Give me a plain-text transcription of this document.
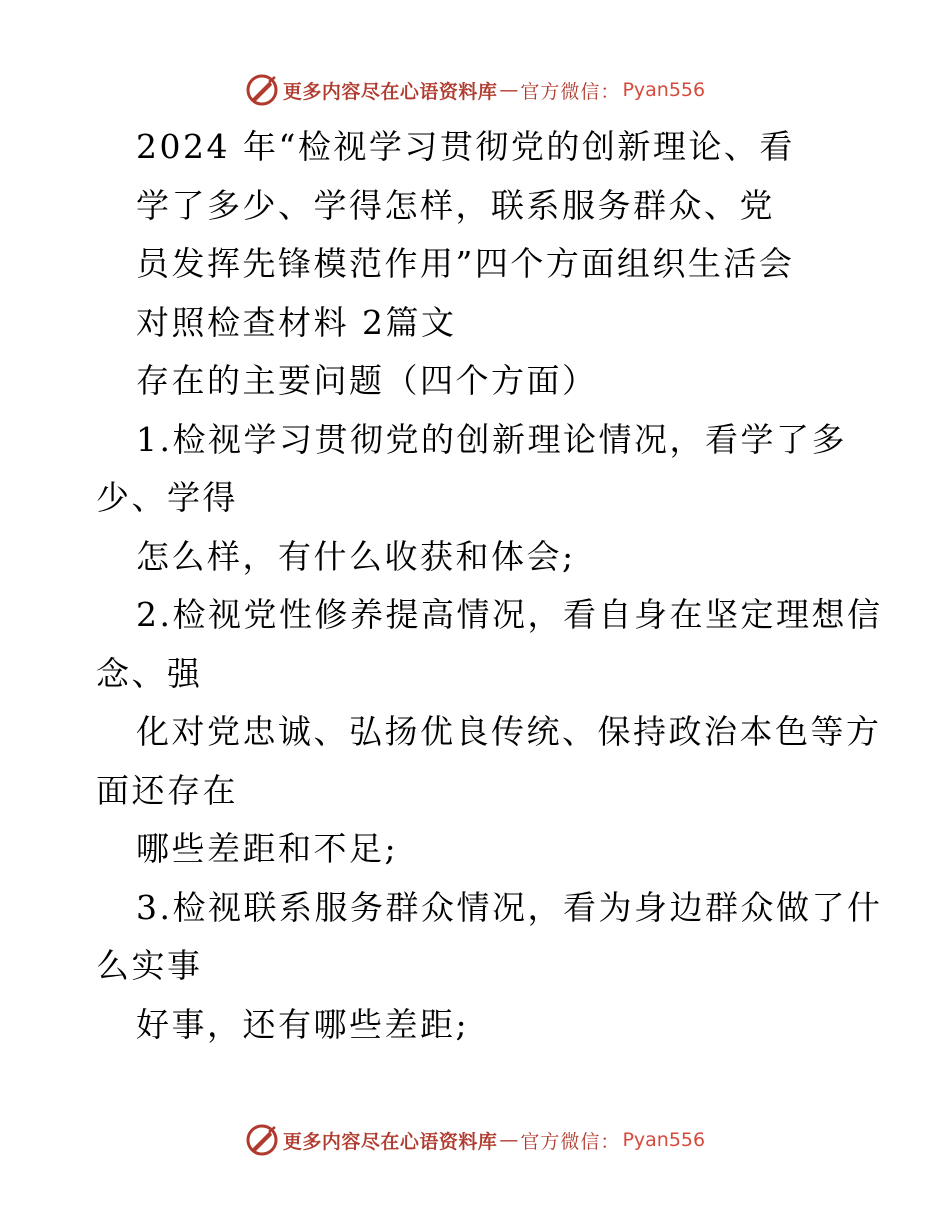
更多内容尽在心语资料库 — 官方微信： Pyan556
2024 年“检视学习贯彻党的创新理论、看
学了多少、学得怎样，联系服务群众、党
员发挥先锋模范作用”四个方面组织生活会
对照检查材料 2篇文
存在的主要问题（四个方面）
1.检视学习贯彻党的创新理论情况，看学了多
少、学得
怎么样，有什么收获和体会;
2.检视党性修养提高情况，看自身在坚定理想信
念、强
化对党忠诚、弘扬优良传统、保持政治本色等方
面还存在
哪些差距和不足;
3.检视联系服务群众情况，看为身边群众做了什
么实事
好事，还有哪些差距;
更多内容尽在心语资料库 — 官方微信： Pyan556
